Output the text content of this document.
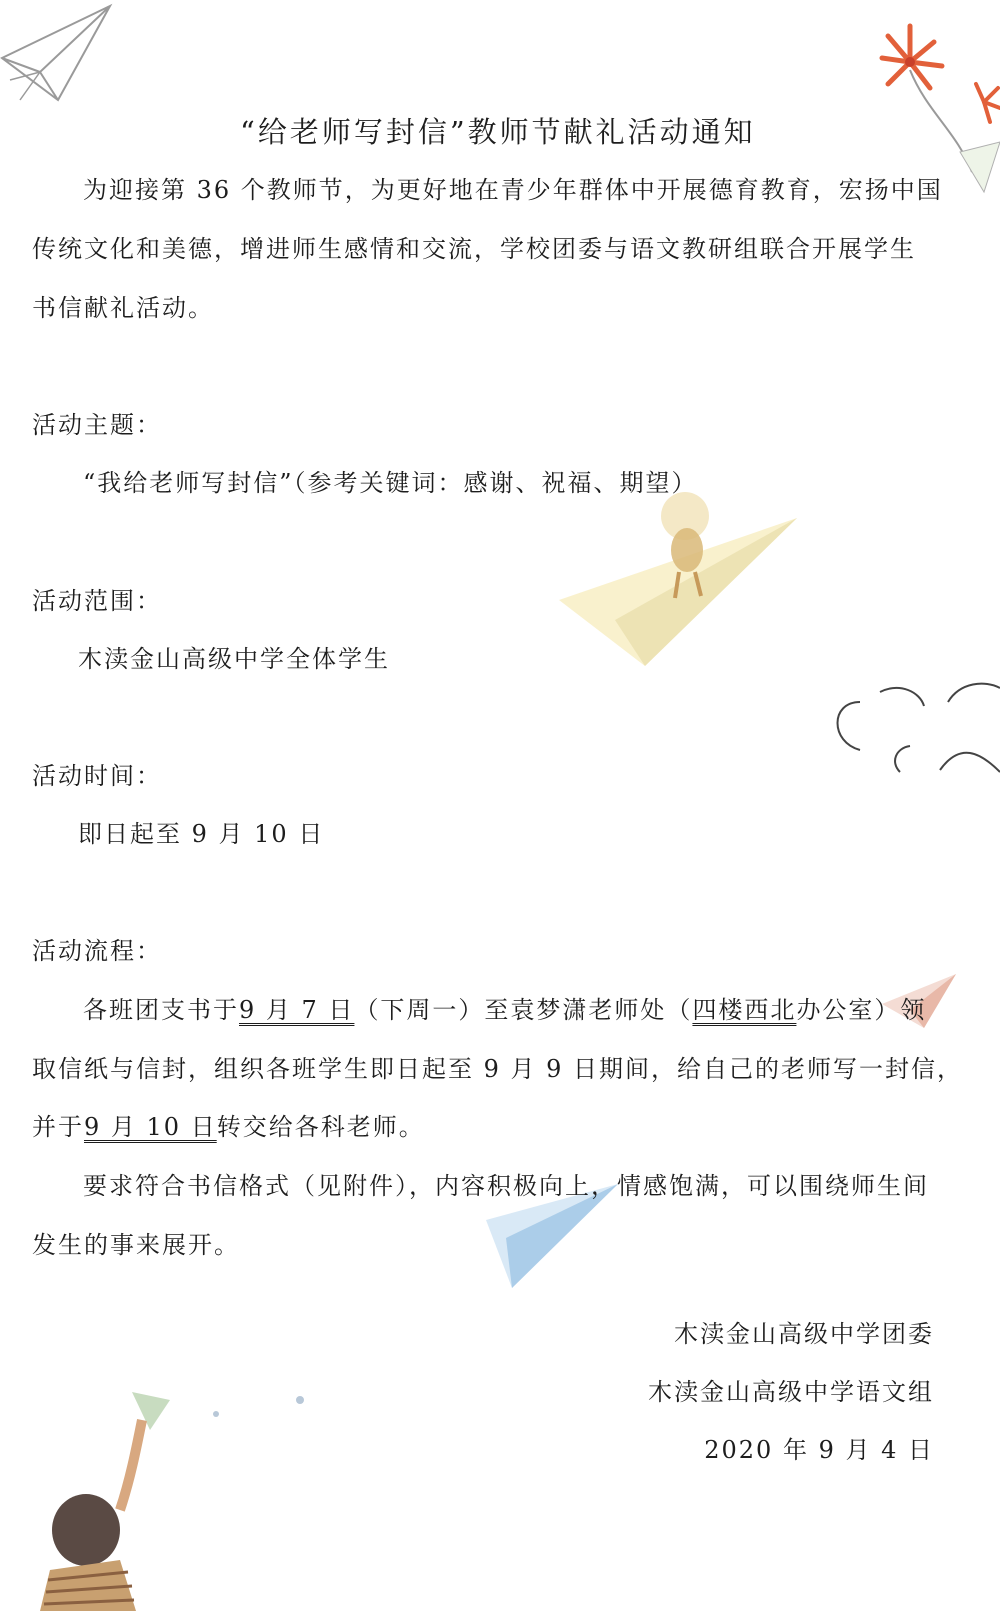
“给老师写封信”教师节献礼活动通知
为迎接第 36 个教师节，为更好地在青少年群体中开展德育教育，宏扬中国
传统文化和美德，增进师生感情和交流，学校团委与语文教研组联合开展学生
书信献礼活动。
活动主题：
“我给老师写封信”（参考关键词：感谢、祝福、期望）
活动范围：
木渎金山高级中学全体学生
活动时间：
即日起至 9 月 10 日
活动流程：
各班团支书于9 月 7 日（下周一）至袁梦潇老师处（四楼西北办公室）领
取信纸与信封，组织各班学生即日起至 9 月 9 日期间，给自己的老师写一封信，
并于9 月 10 日转交给各科老师。
要求符合书信格式（见附件），内容积极向上，情感饱满，可以围绕师生间
发生的事来展开。
木渎金山高级中学团委
木渎金山高级中学语文组
2020 年 9 月 4 日
